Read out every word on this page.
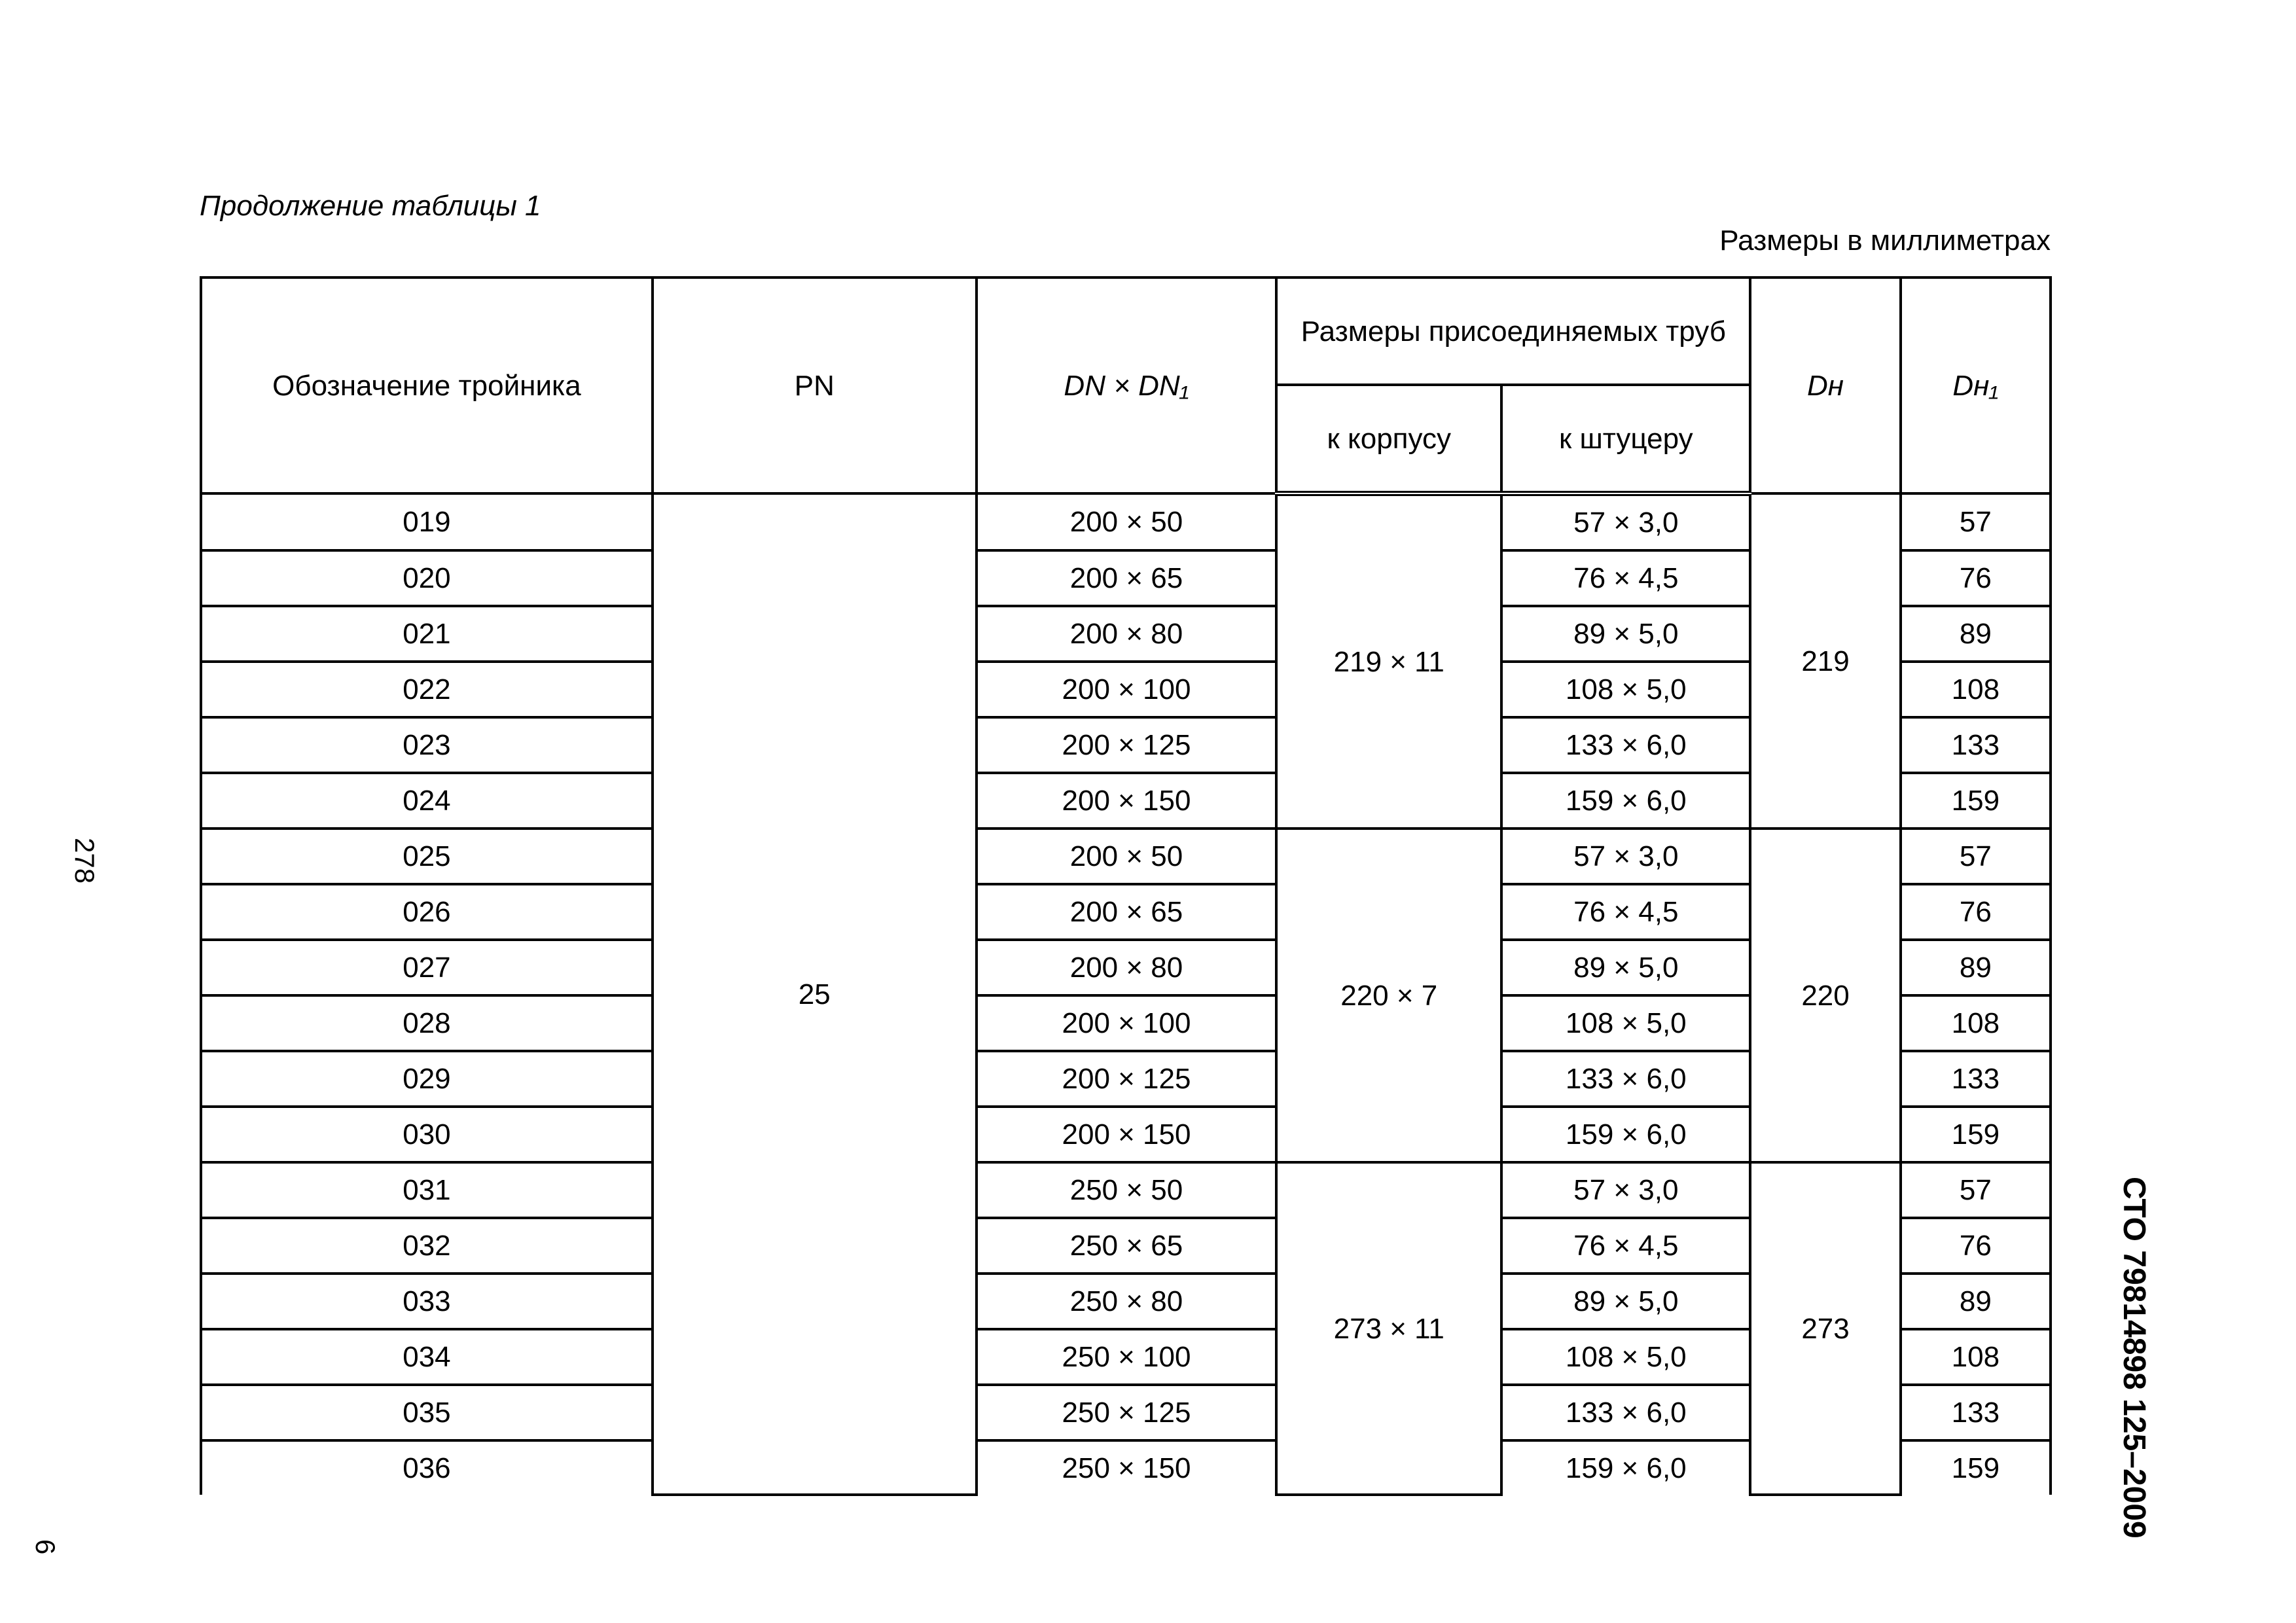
Продолжение таблицы 1
Размеры в миллиметрах
278
6
СТО 79814898 125–2009
Обозначение тройника	PN	DN × DN₁	Размеры присоединяемых труб		Dн	Dн₁
			к корпусу	к штуцеру		
019	25	200 × 50	219 × 11	57 × 3,0	219	57
020		200 × 65		76 × 4,5		76
021		200 × 80		89 × 5,0		89
022		200 × 100		108 × 5,0		108
023		200 × 125		133 × 6,0		133
024		200 × 150		159 × 6,0		159
025		200 × 50	220 × 7	57 × 3,0	220	57
026		200 × 65		76 × 4,5		76
027		200 × 80		89 × 5,0		89
028		200 × 100		108 × 5,0		108
029		200 × 125		133 × 6,0		133
030		200 × 150		159 × 6,0		159
031		250 × 50	273 × 11	57 × 3,0	273	57
032		250 × 65		76 × 4,5		76
033		250 × 80		89 × 5,0		89
034		250 × 100		108 × 5,0		108
035		250 × 125		133 × 6,0		133
036		250 × 150		159 × 6,0		159
